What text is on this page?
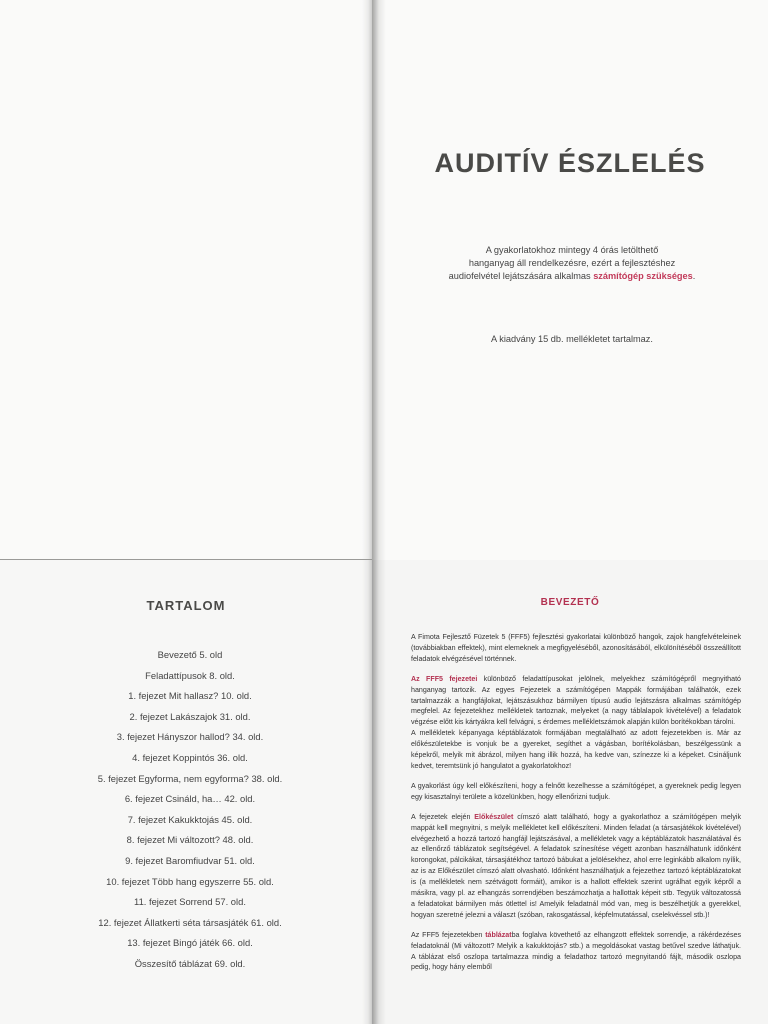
AUDITÍV ÉSZLELÉS
A gyakorlatokhoz mintegy 4 órás letölthető
hanganyag áll rendelkezésre, ezért a fejlesztéshez
audiofelvétel lejátszására alkalmas számítógép szükséges.
A kiadvány 15 db. mellékletet tartalmaz.
TARTALOM
Bevezető 5. old
Feladattípusok 8. old.
1. fejezet Mit hallasz? 10. old.
2. fejezet Lakászajok 31. old.
3. fejezet Hányszor hallod? 34. old.
4. fejezet Koppintós 36. old.
5. fejezet Egyforma, nem egyforma? 38. old.
6. fejezet Csináld, ha… 42. old.
7. fejezet Kakukktojás 45. old.
8. fejezet Mi változott? 48. old.
9. fejezet Baromfiudvar 51. old.
10. fejezet Több hang egyszerre 55. old.
11. fejezet Sorrend 57. old.
12. fejezet Állatkerti séta társasjáték 61. old.
13. fejezet Bingó játék 66. old.
Összesítő táblázat 69. old.
BEVEZETŐ

A Fimota Fejlesztő Füzetek 5 (FFF5) fejlesztési gyakorlatai különböző hangok, zajok hangfelvételeinek (továbbiakban effektek), mint elemeknek a megfigyeléséből, azonosításából, elkülönítéséből összeállított feladatok elvégzésével történnek.

Az FFF5 fejezetei különböző feladattípusokat jelölnek, melyekhez számítógépről megnyitható hanganyag tartozik. Az egyes Fejezetek a számítógépen Mappák formájában találhatók, ezek tartalmazzák a hangfájlokat, lejátszásukhoz bármilyen típusú audio lejátszásra alkalmas számítógép megfelel. Az fejezetekhez mellékletek tartoznak, melyeket (a nagy táblalapok kivételével) a feladatok végzése előtt kis kártyákra kell felvágni, s érdemes mellékletszámok alapján külön borítékokban tárolni.
A mellékletek képanyaga képtáblázatok formájában megtalálható az adott fejezetekben is. Már az előkészületekbe is vonjuk be a gyereket, segíthet a vágásban, borítékolásban, beszélgessünk a képekről, melyik mit ábrázol, milyen hang illik hozzá, ha kedve van, színezze ki a képeket. Csináljunk kedvet, teremtsünk jó hangulatot a gyakorlatokhoz!

A gyakorlást úgy kell előkészíteni, hogy a felnőtt kezelhesse a számítógépet, a gyereknek pedig legyen egy kisasztalnyi területe a közelünkben, hogy ellenőrizni tudjuk.

A fejezetek elején Előkészület címszó alatt található, hogy a gyakorlathoz a számítógépen melyik mappát kell megnyitni, s melyik mellékletet kell előkészíteni. Minden feladat (a társasjátékok kivételével) elvégezhető a hozzá tartozó hangfájl lejátszásával, a mellékletek vagy a képtáblázatok használatával és az ellenőrző táblázatok segítségével. A feladatok színesítése végett azonban használhatunk időnként korongokat, pálcikákat, társasjátékhoz tartozó bábukat a jelölésekhez, ahol erre leginkább alkalom nyílik, az is az Előkészület címszó alatt olvasható. Időnként használhatjuk a fejezethez tartozó képtáblázatokat is (a mellékletek nem szétvágott formáit), amikor is a hallott effektek szerint ugrálhat egyik képről a másikra, vagy pl. az elhangzás sorrendjében beszámozhatja a hallottak képeit stb. Tegyük változatossá a feladatokat bármilyen más ötlettel is! Amelyik feladatnál mód van, meg is beszélhetjük a gyerekkel, hogyan szeretné jelezni a választ (szóban, rakosgatással, képfelmutatással, cselekvéssel stb.)!

Az FFF5 fejezetekben táblázatba foglalva követhető az elhangzott effektek sorrendje, a rákérdezéses feladatoknál (Mi változott? Melyik a kakukktojás? stb.) a megoldásokat vastag betűvel szedve láthatjuk. A táblázat első oszlopa tartalmazza mindig a feladathoz tartozó megnyitandó fájlt, második oszlopa pedig, hogy hány elemből
